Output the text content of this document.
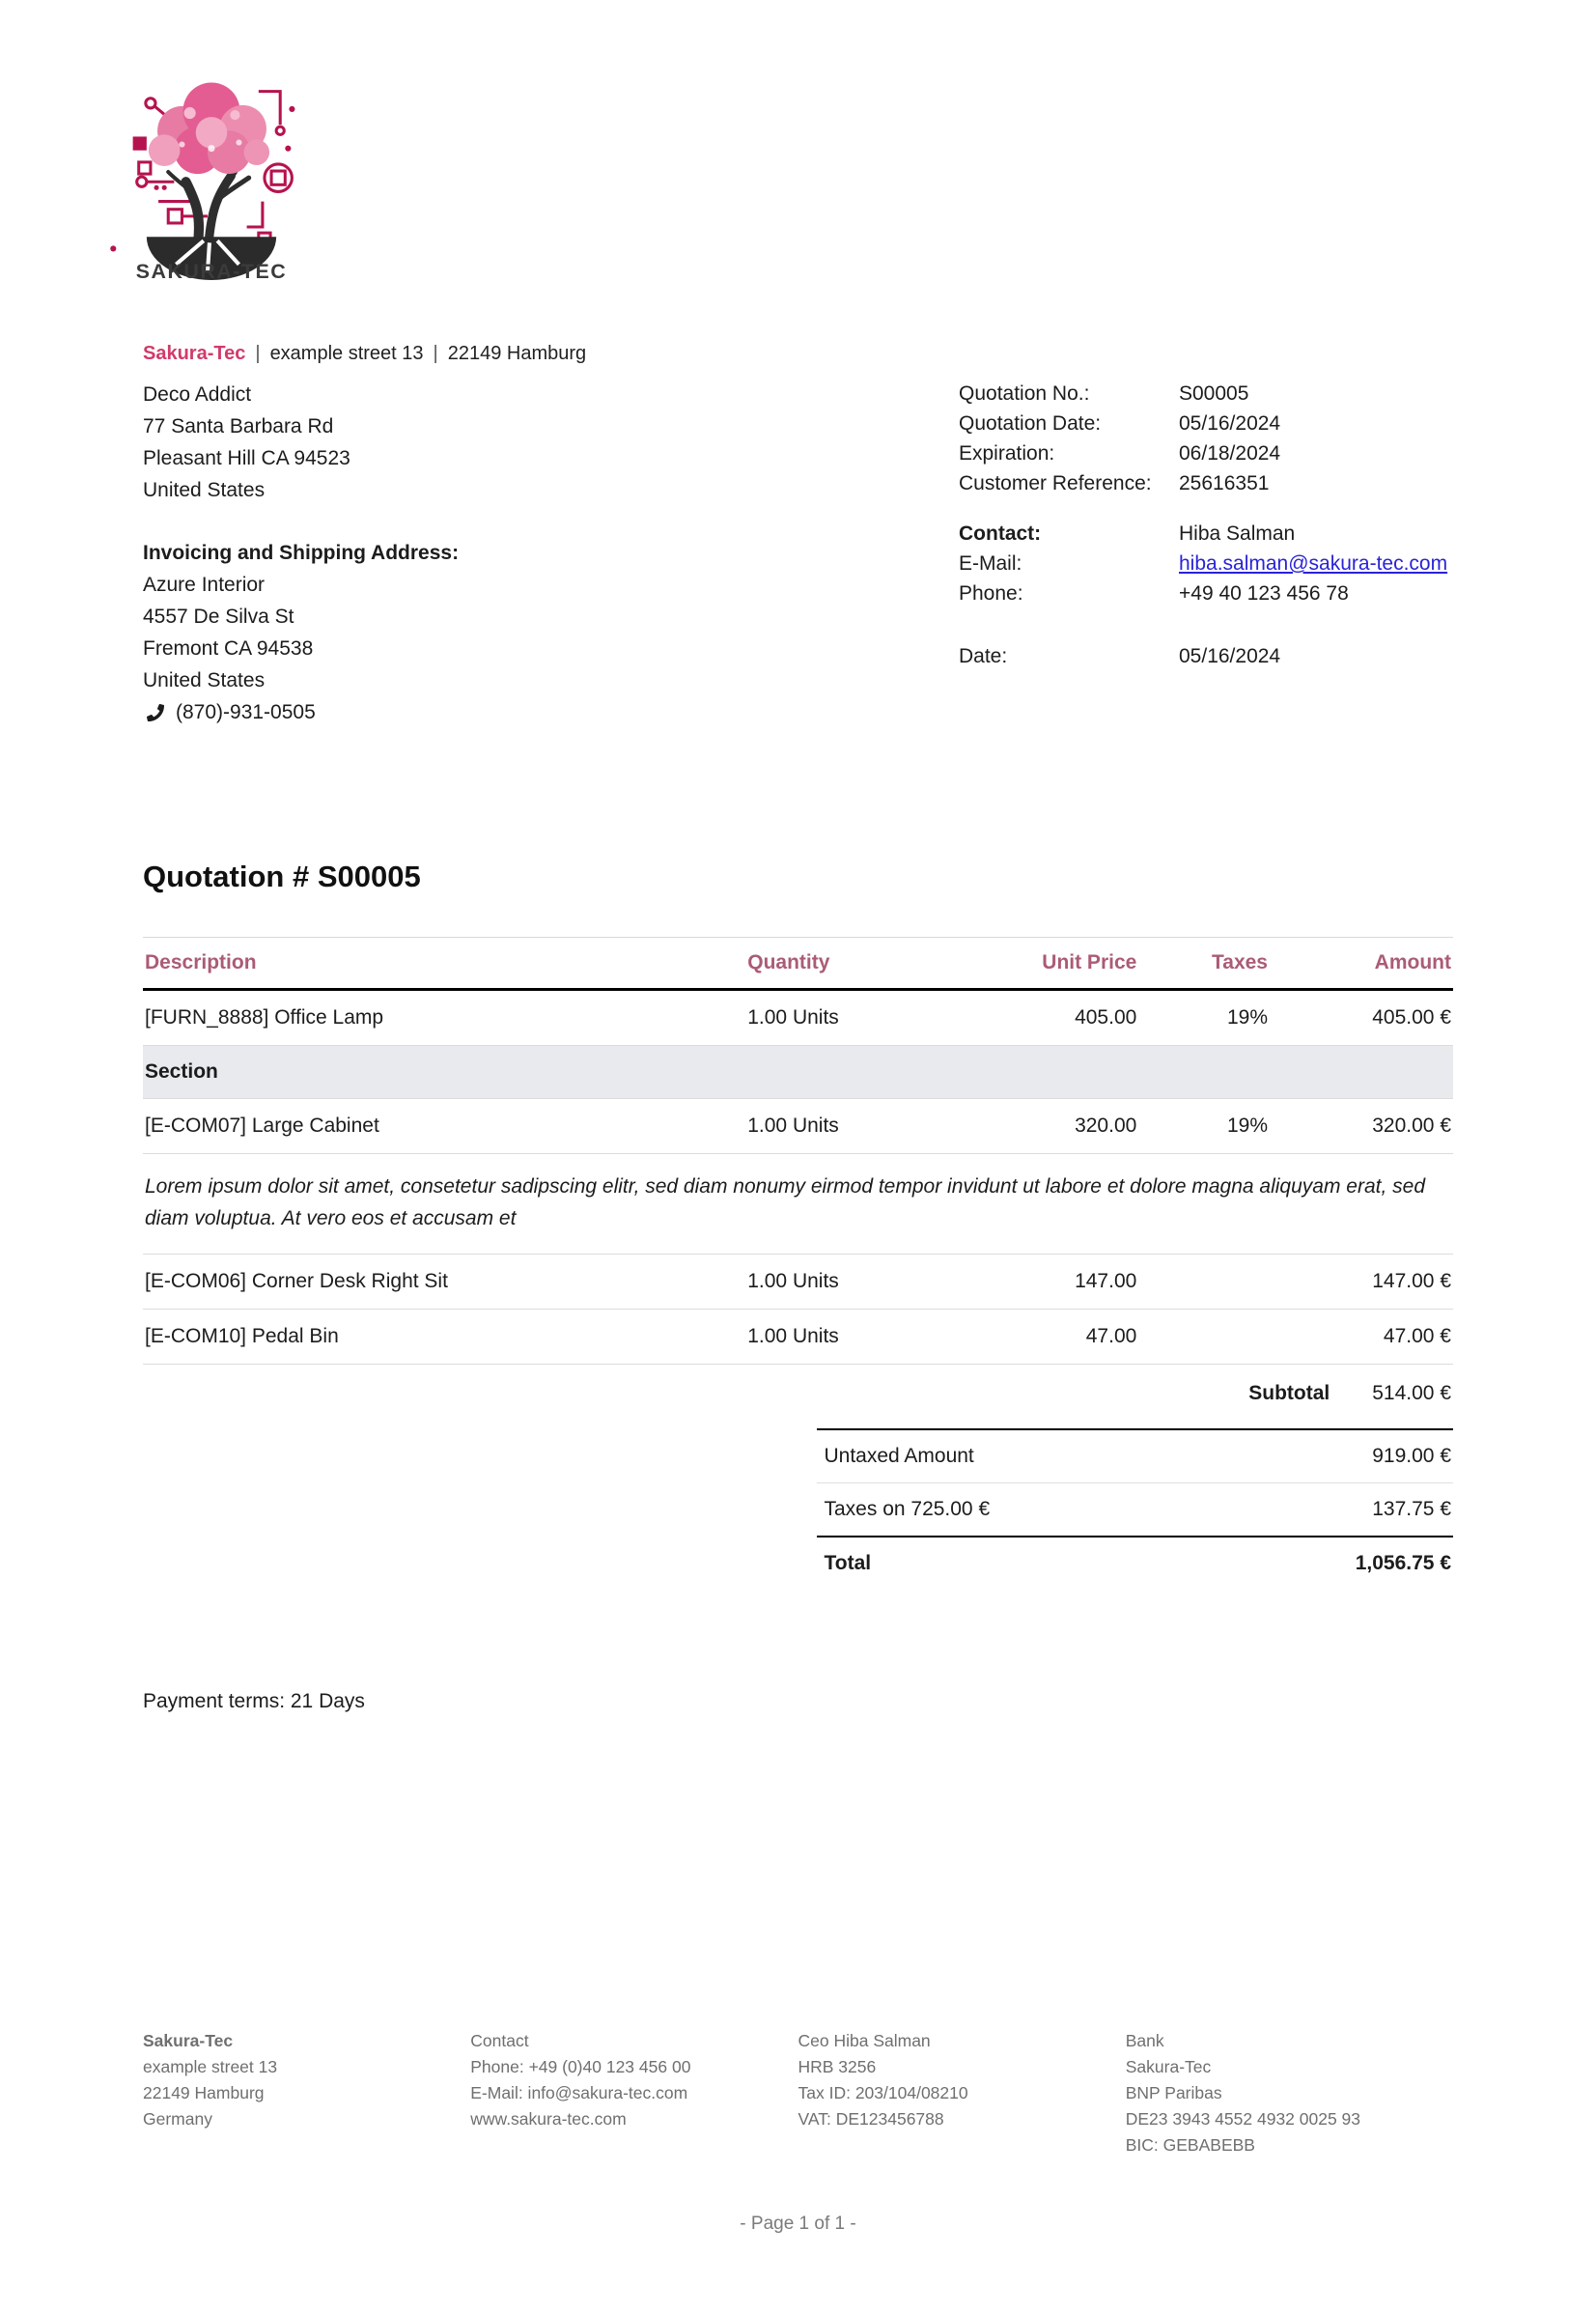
SAKURA-TEC
Sakura-Tec | example street 13 | 22149 Hamburg
Deco Addict
77 Santa Barbara Rd
Pleasant Hill CA 94523
United States
Invoicing and Shipping Address:
Azure Interior
4557 De Silva St
Fremont CA 94538
United States
(870)-931-0505
Quotation No.:	S00005
Quotation Date:	05/16/2024
Expiration:	06/18/2024
Customer Reference:	25616351
Contact:	Hiba Salman
E-Mail:	hiba.salman@sakura-tec.com
Phone:	+49 40 123 456 78
Date:	05/16/2024
Quotation # S00005
Description	Quantity	Unit Price	Taxes	Amount
[FURN_8888] Office Lamp	1.00 Units	405.00	19%	405.00 €
Section				
[E-COM07] Large Cabinet	1.00 Units	320.00	19%	320.00 €
Lorem ipsum dolor sit amet, consetetur sadipscing elitr, sed diam nonumy eirmod tempor invidunt ut labore et dolore magna aliquyam erat, sed diam voluptua. At vero eos et accusam et				
[E-COM06] Corner Desk Right Sit	1.00 Units	147.00		147.00 €
[E-COM10] Pedal Bin	1.00 Units	47.00		47.00 €
Subtotal 514.00 €
Untaxed Amount	919.00 €
Taxes on 725.00 €	137.75 €
Total	1,056.75 €
Payment terms: 21 Days
Sakura-Tec
example street 13
22149 Hamburg
Germany
Contact
Phone: +49 (0)40 123 456 00
E-Mail: info@sakura-tec.com
www.sakura-tec.com
Ceo Hiba Salman
HRB 3256
Tax ID: 203/104/08210
VAT: DE123456788
Bank
Sakura-Tec
BNP Paribas
DE23 3943 4552 4932 0025 93
BIC: GEBABEBB
- Page 1 of 1 -
